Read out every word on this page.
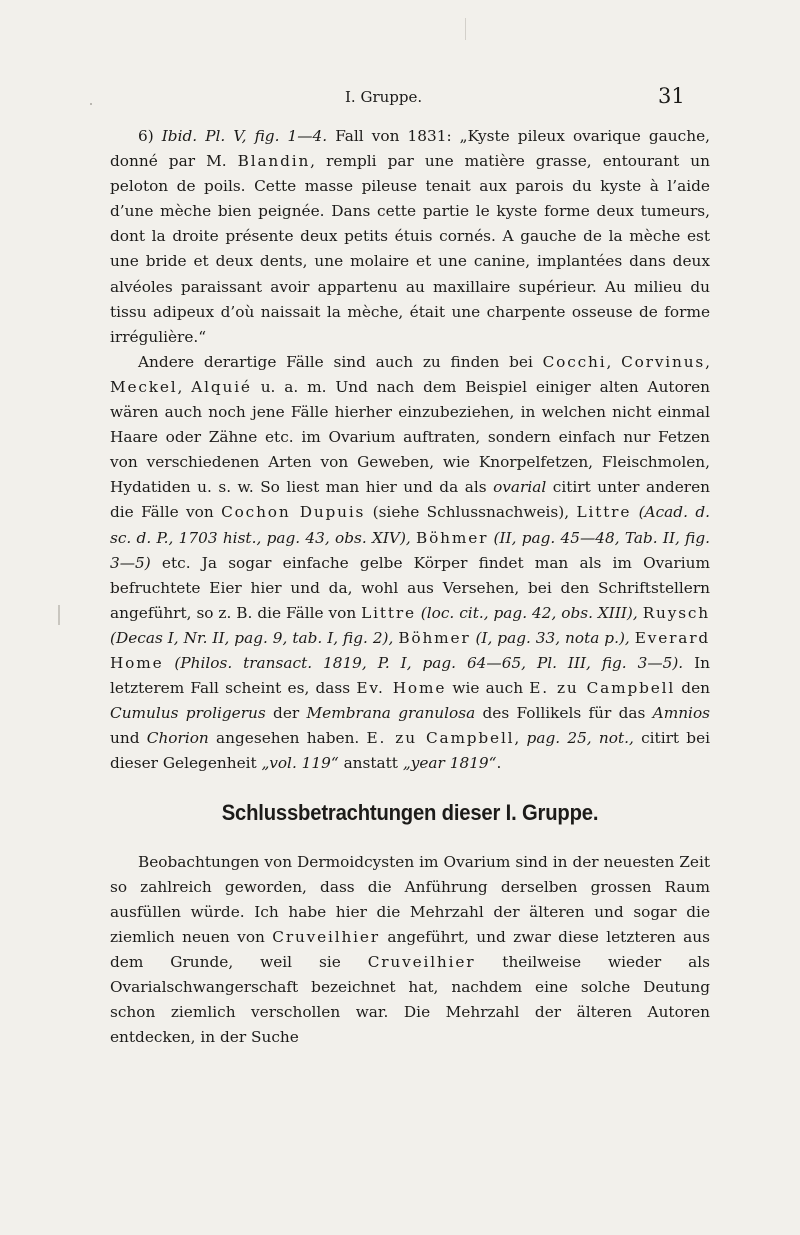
I. Gruppe.	31

6) Ibid. Pl. V, fig. 1—4. Fall von 1831: „Kyste pileux ovarique gauche, donné par M. Blandin, rempli par une matière grasse, entourant un peloton de poils. Cette masse pileuse tenait aux parois du kyste à l’aide d’une mèche bien peignée. Dans cette partie le kyste forme deux tumeurs, dont la droite présente deux petits étuis cornés. A gauche de la mèche est une bride et deux dents, une molaire et une canine, implantées dans deux alvéoles paraissant avoir appartenu au maxillaire supérieur. Au milieu du tissu adipeux d’où naissait la mèche, était une charpente osseuse de forme irrégulière.“

Andere derartige Fälle sind auch zu finden bei Cocchi, Corvinus, Meckel, Alquié u. a. m. Und nach dem Beispiel einiger alten Autoren wären auch noch jene Fälle hierher einzubeziehen, in welchen nicht einmal Haare oder Zähne etc. im Ovarium auftraten, sondern einfach nur Fetzen von verschiedenen Arten von Geweben, wie Knorpelfetzen, Fleischmolen, Hydatiden u. s. w. So liest man hier und da als ovarial citirt unter anderen die Fälle von Cochon Dupuis (siehe Schlussnachweis), Littre (Acad. d. sc. d. P., 1703 hist., pag. 43, obs. XIV), Böhmer (II, pag. 45—48, Tab. II, fig. 3—5) etc. Ja sogar einfache gelbe Körper findet man als im Ovarium befruchtete Eier hier und da, wohl aus Versehen, bei den Schriftstellern angeführt, so z. B. die Fälle von Littre (loc. cit., pag. 42, obs. XIII), Ruysch (Decas I, Nr. II, pag. 9, tab. I, fig. 2), Böhmer (I, pag. 33, nota p.), Everard Home (Philos. transact. 1819, P. I, pag. 64—65, Pl. III, fig. 3—5). In letzterem Fall scheint es, dass Ev. Home wie auch E. zu Campbell den Cumulus proligerus der Membrana granulosa des Follikels für das Amnios und Chorion angesehen haben. E. zu Campbell, pag. 25, not., citirt bei dieser Gelegenheit „vol. 119“ anstatt „year 1819“.

Schlussbetrachtungen dieser I. Gruppe.

Beobachtungen von Dermoidcysten im Ovarium sind in der neuesten Zeit so zahlreich geworden, dass die Anführung derselben grossen Raum ausfüllen würde. Ich habe hier die Mehrzahl der älteren und sogar die ziemlich neuen von Cruveilhier angeführt, und zwar diese letzteren aus dem Grunde, weil sie Cruveilhier theilweise wieder als Ovarialschwangerschaft bezeichnet hat, nachdem eine solche Deutung schon ziemlich verschollen war. Die Mehrzahl der älteren Autoren entdecken, in der Suche
